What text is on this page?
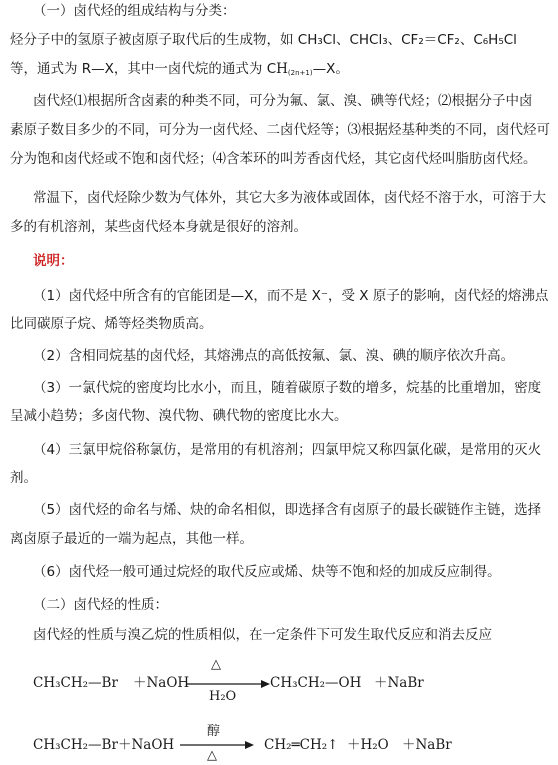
（一）卤代烃的组成结构与分类：
烃分子中的氢原子被卤原子取代后的生成物，如 CH₃Cl、CHCl₃、CF₂＝CF₂、C₆H₅Cl
等，通式为 R—X，其中一卤代烷的通式为 $CH_{(2n+1)}—X$。
卤代烃⑴根据所含卤素的种类不同，可分为氟、氯、溴、碘等代烃；⑵根据分子中卤
素原子数目多少的不同，可分为一卤代烃、二卤代烃等；⑶根据烃基种类的不同，卤代烃可
分为饱和卤代烃或不饱和卤代烃；⑷含苯环的叫芳香卤代烃，其它卤代烃叫脂肪卤代烃。
常温下，卤代烃除少数为气体外，其它大多为液体或固体，卤代烃不溶于水，可溶于大
多的有机溶剂，某些卤代烃本身就是很好的溶剂。
说明：
（1）卤代烃中所含有的官能团是—X，而不是 X⁻，受 X 原子的影响，卤代烃的熔沸点
比同碳原子烷、烯等烃类物质高。
（2）含相同烷基的卤代烃，其熔沸点的高低按氟、氯、溴、碘的顺序依次升高。
（3）一氯代烷的密度均比水小，而且，随着碳原子数的增多，烷基的比重增加，密度
呈减小趋势；多卤代物、溴代物、碘代物的密度比水大。
（4）三氯甲烷俗称氯仿，是常用的有机溶剂；四氯甲烷又称四氯化碳，是常用的灭火
剂。
（5）卤代烃的命名与烯、炔的命名相似，即选择含有卤原子的最长碳链作主链，选择
离卤原子最近的一端为起点，其他一样。
（6）卤代烃一般可通过烷烃的取代反应或烯、炔等不饱和烃的加成反应制得。
（二）卤代烃的性质：
卤代烃的性质与溴乙烷的性质相似，在一定条件下可发生取代反应和消去反应
CH₃CH₂—Br ＋NaOH
△
H₂O
CH₃CH₂—OH ＋NaBr
CH₃CH₂—Br ＋NaOH
醇
△
CH₂═CH₂↑ ＋H₂O ＋NaBr
